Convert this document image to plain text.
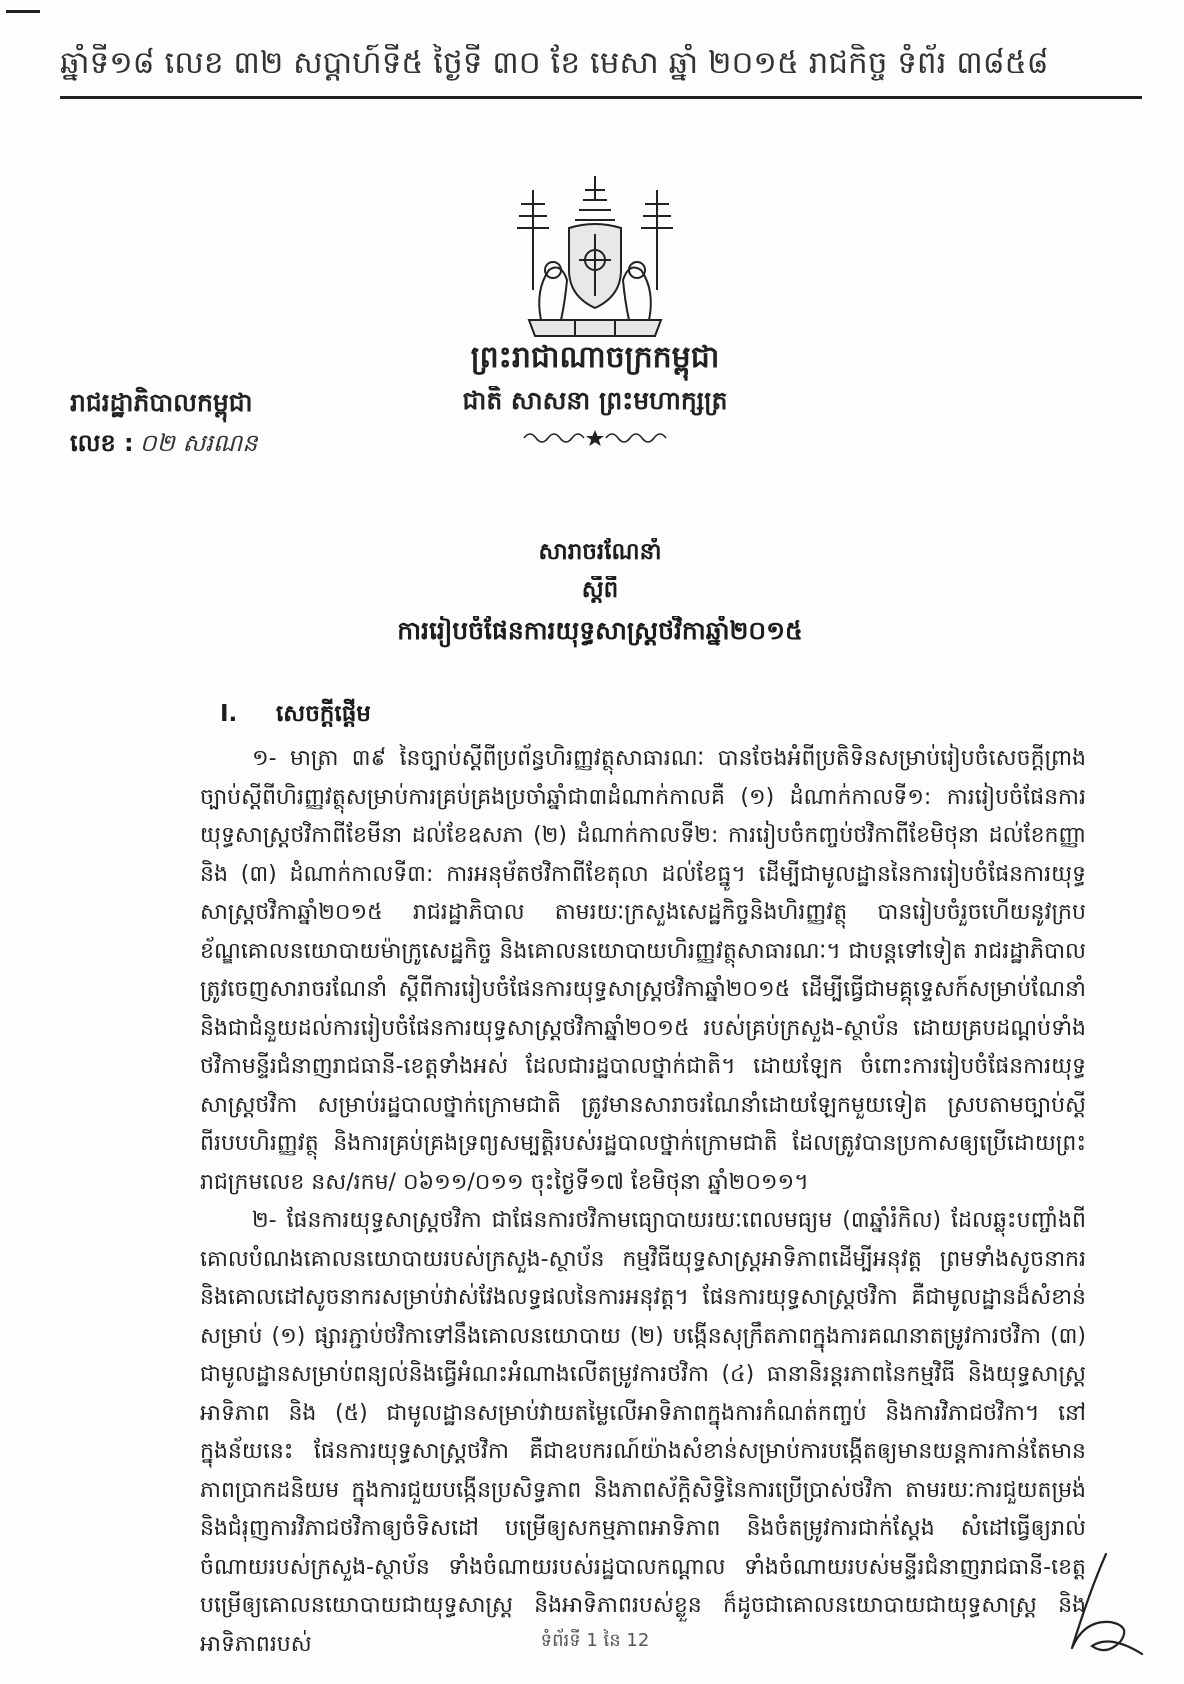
ឆ្នាំទី១៨ លេខ ៣២ សប្តាហ៍ទី៥ ថ្ងៃទី ៣០ ខែ មេសា ឆ្នាំ ២០១៥ រាជកិច្ច ទំព័រ ៣៨៥៨
ព្រះរាជាណាចក្រកម្ពុជា
ជាតិ សាសនា ព្រះមហាក្សត្រ
រាជរដ្ឋាភិបាលកម្ពុជា
លេខ : ០២ សរណន
សារាចរណែនាំ
ស្តីពី
ការរៀបចំផែនការយុទ្ធសាស្ត្រថវិកាឆ្នាំ២០១៥
I. សេចក្តីផ្តើម

១- មាត្រា ៣៩ នៃច្បាប់ស្តីពីប្រព័ន្ធហិរញ្ញវត្ថុសាធារណៈ បានចែងអំពីប្រតិទិនសម្រាប់រៀបចំសេចក្តីព្រាងច្បាប់ស្តីពីហិរញ្ញវត្ថុសម្រាប់ការគ្រប់គ្រងប្រចាំឆ្នាំជា៣ដំណាក់កាលគឺ (១) ដំណាក់កាលទី១: ការរៀបចំផែនការយុទ្ធសាស្ត្រថវិកាពីខែមីនា ដល់ខែឧសភា (២) ដំណាក់កាលទី២: ការរៀបចំកញ្ចប់ថវិកាពីខែមិថុនា ដល់ខែកញ្ញា និង (៣) ដំណាក់កាលទី៣: ការអនុម័តថវិកាពីខែតុលា ដល់ខែធ្នូ។ ដើម្បីជាមូលដ្ឋាននៃការរៀបចំផែនការយុទ្ធសាស្ត្រថវិកាឆ្នាំ២០១៥ រាជរដ្ឋាភិបាល តាមរយៈក្រសួងសេដ្ឋកិច្ចនិងហិរញ្ញវត្ថុ បានរៀបចំរួចហើយនូវក្របខ័ណ្ឌគោលនយោបាយម៉ាក្រូសេដ្ឋកិច្ច និងគោលនយោបាយហិរញ្ញវត្ថុសាធារណៈ។ ជាបន្តទៅទៀត រាជរដ្ឋាភិបាលត្រូវចេញសារាចរណែនាំ ស្តីពីការរៀបចំផែនការយុទ្ធសាស្ត្រថវិកាឆ្នាំ២០១៥ ដើម្បីធ្វើជាមគ្គុទ្ទេសក៍សម្រាប់ណែនាំ និងជាជំនួយដល់ការរៀបចំផែនការយុទ្ធសាស្ត្រថវិកាឆ្នាំ២០១៥ របស់គ្រប់ក្រសួង-ស្ថាប័ន ដោយគ្របដណ្តប់ទាំងថវិកាមន្ទីរជំនាញរាជធានី-ខេត្តទាំងអស់ ដែលជារដ្ឋបាលថ្នាក់ជាតិ។ ដោយឡែក ចំពោះការរៀបចំផែនការយុទ្ធសាស្ត្រថវិកា សម្រាប់រដ្ឋបាលថ្នាក់ក្រោមជាតិ ត្រូវមានសារាចរណែនាំដោយឡែកមួយទៀត ស្របតាមច្បាប់ស្តីពីរបបហិរញ្ញវត្ថុ និងការគ្រប់គ្រងទ្រព្យសម្បត្តិរបស់រដ្ឋបាលថ្នាក់ក្រោមជាតិ ដែលត្រូវបានប្រកាសឲ្យប្រើដោយព្រះរាជក្រមលេខ នស/រកម/ ០៦១១/០១១ ចុះថ្ងៃទី១៧ ខែមិថុនា ឆ្នាំ២០១១។

២- ផែនការយុទ្ធសាស្ត្រថវិកា ជាផែនការថវិកាមធ្យោបាយរយៈពេលមធ្យម (៣ឆ្នាំរំកិល) ដែលឆ្លុះបញ្ចាំងពីគោលបំណងគោលនយោបាយរបស់ក្រសួង-ស្ថាប័ន កម្មវិធីយុទ្ធសាស្ត្រអាទិភាពដើម្បីអនុវត្ត ព្រមទាំងសូចនាករ និងគោលដៅសូចនាករសម្រាប់វាស់វែងលទ្ធផលនៃការអនុវត្ត។ ផែនការយុទ្ធសាស្ត្រថវិកា គឺជាមូលដ្ឋានដ៏សំខាន់សម្រាប់ (១) ផ្សារភ្ជាប់ថវិកាទៅនឹងគោលនយោបាយ (២) បង្កើនសុក្រឹតភាពក្នុងការគណនាតម្រូវការថវិកា (៣) ជាមូលដ្ឋានសម្រាប់ពន្យល់និងធ្វើអំណះអំណាងលើតម្រូវការថវិកា (៤) ធានានិរន្តរភាពនៃកម្មវិធី និងយុទ្ធសាស្ត្រអាទិភាព និង (៥) ជាមូលដ្ឋានសម្រាប់វាយតម្លៃលើអាទិភាពក្នុងការកំណត់កញ្ចប់ និងការវិភាជថវិកា។ នៅក្នុងន័យនេះ ផែនការយុទ្ធសាស្ត្រថវិកា គឺជាឧបករណ៍យ៉ាងសំខាន់សម្រាប់ការបង្កើតឲ្យមានយន្តការកាន់តែមានភាពប្រាកដនិយម ក្នុងការជួយបង្កើនប្រសិទ្ធភាព និងភាពស័ក្តិសិទ្ធិនៃការប្រើប្រាស់ថវិកា តាមរយៈការជួយតម្រង់ និងជំរុញការវិភាជថវិកាឲ្យចំទិសដៅ បម្រើឲ្យសកម្មភាពអាទិភាព និងចំតម្រូវការជាក់ស្តែង សំដៅធ្វើឲ្យរាល់ចំណាយរបស់ក្រសួង-ស្ថាប័ន ទាំងចំណាយរបស់រដ្ឋបាលកណ្តាល ទាំងចំណាយរបស់មន្ទីរជំនាញរាជធានី-ខេត្ត បម្រើឲ្យគោលនយោបាយជាយុទ្ធសាស្ត្រ និងអាទិភាពរបស់ខ្លួន ក៏ដូចជាគោលនយោបាយជាយុទ្ធសាស្ត្រ និងអាទិភាពរបស់	ទំព័រទី 1 នៃ 12
